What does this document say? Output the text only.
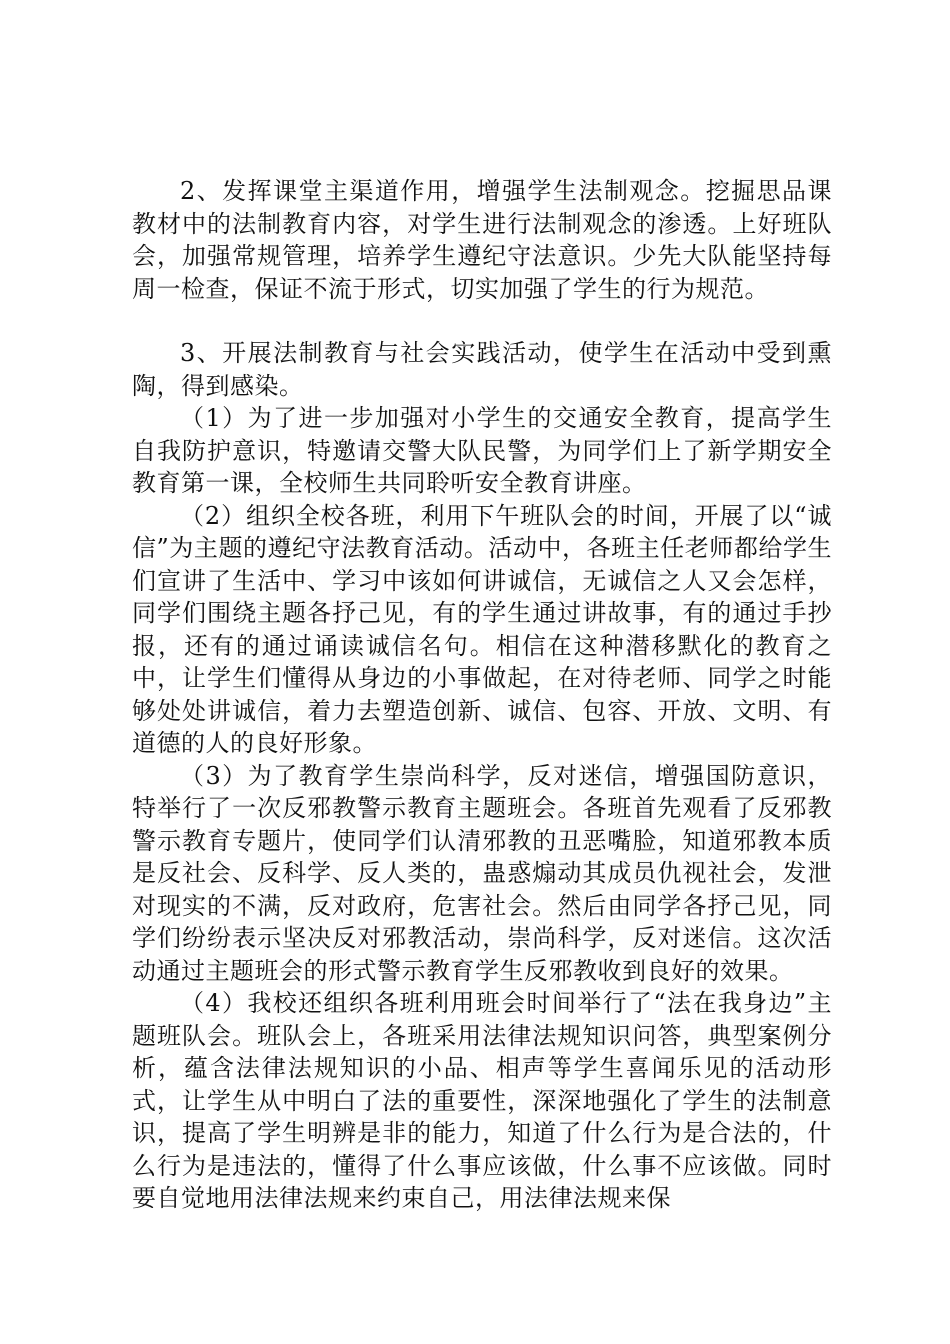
2、发挥课堂主渠道作用，增强学生法制观念。挖掘思品课教材中的法制教育内容，对学生进行法制观念的渗透。上好班队会，加强常规管理，培养学生遵纪守法意识。少先大队能坚持每周一检查，保证不流于形式，切实加强了学生的行为规范。

3、开展法制教育与社会实践活动，使学生在活动中受到熏陶，得到感染。

（1）为了进一步加强对小学生的交通安全教育，提高学生自我防护意识，特邀请交警大队民警，为同学们上了新学期安全教育第一课，全校师生共同聆听安全教育讲座。

（2）组织全校各班，利用下午班队会的时间，开展了以“诚信”为主题的遵纪守法教育活动。活动中，各班主任老师都给学生们宣讲了生活中、学习中该如何讲诚信，无诚信之人又会怎样，同学们围绕主题各抒己见，有的学生通过讲故事，有的通过手抄报，还有的通过诵读诚信名句。相信在这种潜移默化的教育之中，让学生们懂得从身边的小事做起，在对待老师、同学之时能够处处讲诚信，着力去塑造创新、诚信、包容、开放、文明、有道德的人的良好形象。

（3）为了教育学生崇尚科学，反对迷信，增强国防意识，特举行了一次反邪教警示教育主题班会。各班首先观看了反邪教警示教育专题片，使同学们认清邪教的丑恶嘴脸，知道邪教本质是反社会、反科学、反人类的，蛊惑煽动其成员仇视社会，发泄对现实的不满，反对政府，危害社会。然后由同学各抒己见，同学们纷纷表示坚决反对邪教活动，崇尚科学，反对迷信。这次活动通过主题班会的形式警示教育学生反邪教收到良好的效果。

（4）我校还组织各班利用班会时间举行了“法在我身边”主题班队会。班队会上，各班采用法律法规知识问答，典型案例分析，蕴含法律法规知识的小品、相声等学生喜闻乐见的活动形式，让学生从中明白了法的重要性，深深地强化了学生的法制意识，提高了学生明辨是非的能力，知道了什么行为是合法的，什么行为是违法的，懂得了什么事应该做，什么事不应该做。同时要自觉地用法律法规来约束自己，用法律法规来保
